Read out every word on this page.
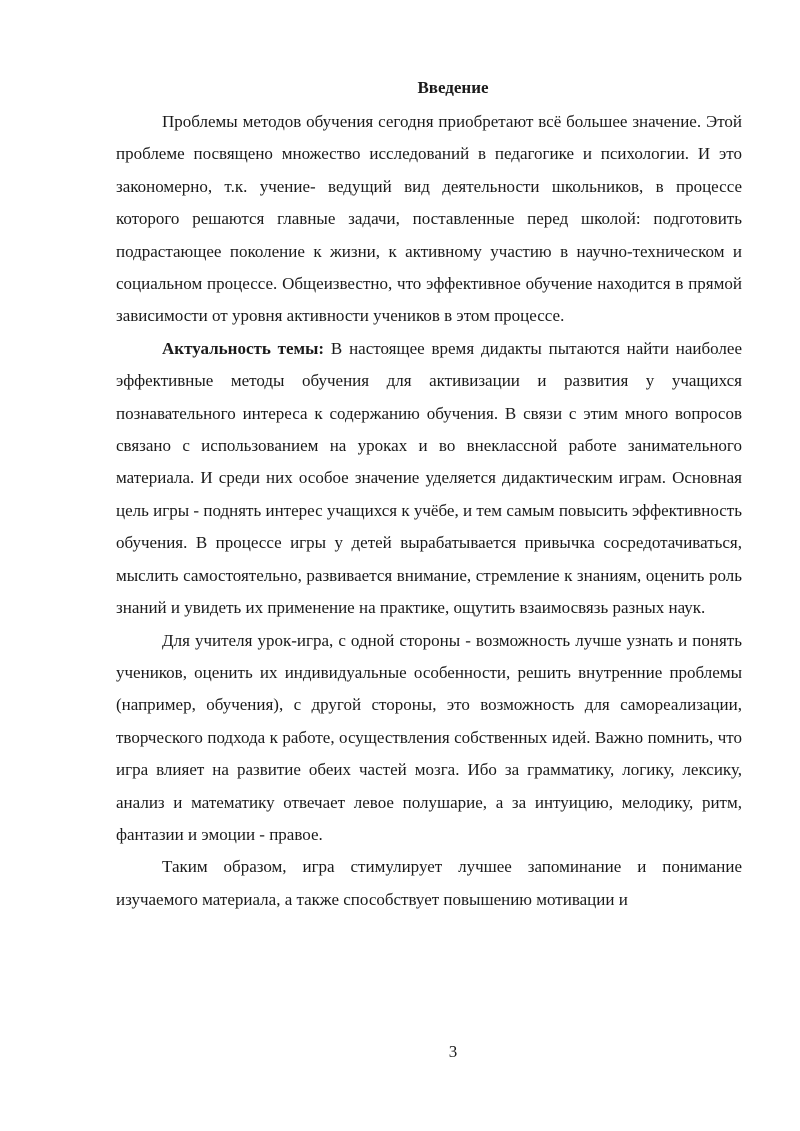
Введение

Проблемы методов обучения сегодня приобретают всё большее значение. Этой проблеме посвящено множество исследований в педагогике и психологии. И это закономерно, т.к. учение- ведущий вид деятельности школьников, в процессе которого решаются главные задачи, поставленные перед школой: подготовить подрастающее поколение к жизни, к активному участию в научно-техническом и социальном процессе. Общеизвестно, что эффективное обучение находится в прямой зависимости от уровня активности учеников в этом процессе.

Актуальность темы: В настоящее время дидакты пытаются найти наиболее эффективные методы обучения для активизации и развития у учащихся познавательного интереса к содержанию обучения. В связи с этим много вопросов связано с использованием на уроках и во внеклассной работе занимательного материала. И среди них особое значение уделяется дидактическим играм. Основная цель игры - поднять интерес учащихся к учёбе, и тем самым повысить эффективность обучения. В процессе игры у детей вырабатывается привычка сосредотачиваться, мыслить самостоятельно, развивается внимание, стремление к знаниям, оценить роль знаний и увидеть их применение на практике, ощутить взаимосвязь разных наук.

Для учителя урок-игра, с одной стороны - возможность лучше узнать и понять учеников, оценить их индивидуальные особенности, решить внутренние проблемы (например, обучения), с другой стороны, это возможность для самореализации, творческого подхода к работе, осуществления собственных идей. Важно помнить, что игра влияет на развитие обеих частей мозга. Ибо за грамматику, логику, лексику, анализ и математику отвечает левое полушарие, а за интуицию, мелодику, ритм, фантазии и эмоции - правое.

Таким образом, игра стимулирует лучшее запоминание и понимание изучаемого материала, а также способствует повышению мотивации и

3
